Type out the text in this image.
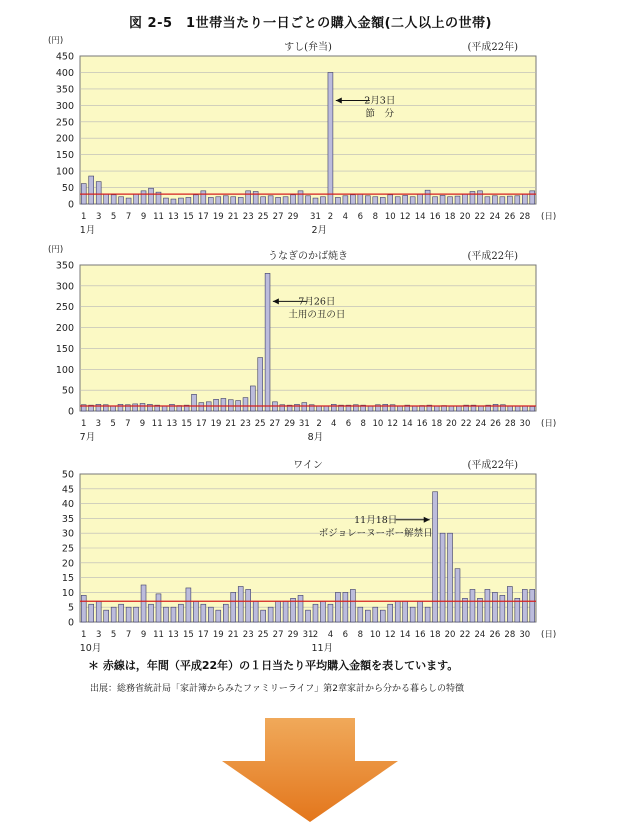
図 2-5　1世帯当たり一日ごとの購入金額(二人以上の世帯)
0
50
100
150
200
250
300
350
400
450
1 3 5 7 9 11 13 15 17 19 21 23 25 27 29 31 2 4 6 8 10 12 14 16 18 20 22 24 26 28 (日)
1月	2月
(円)
すし(弁当)	(平成22年)
2月3日
節　分
0
50
100
150
200
250
300
350
1 3 5 7 9 11 13 15 17 19 21 23 25 27 29 31 2 4 6 8 10 12 14 16 18 20 22 24 26 28 30 (日)
7月	8月
(円)
うなぎのかば焼き	(平成22年)
7月26日
土用の丑の日
0
5
10
15
20
25
30
35
40
45
50
1 3 5 7 9 11 13 15 17 19 21 23 25 27 29 31 2 4 6 8 10 12 14 16 18 20 22 24 26 28 30 (日)
10月	11月
ワイン	(平成22年)
11月18日
ボジョレーヌーボー解禁日
＊ 赤線は，年間（平成22年）の１日当たり平均購入金額を表しています。
出展：総務省統計局「家計簿からみたファミリーライフ」第2章家計から分かる暮らしの特徴
